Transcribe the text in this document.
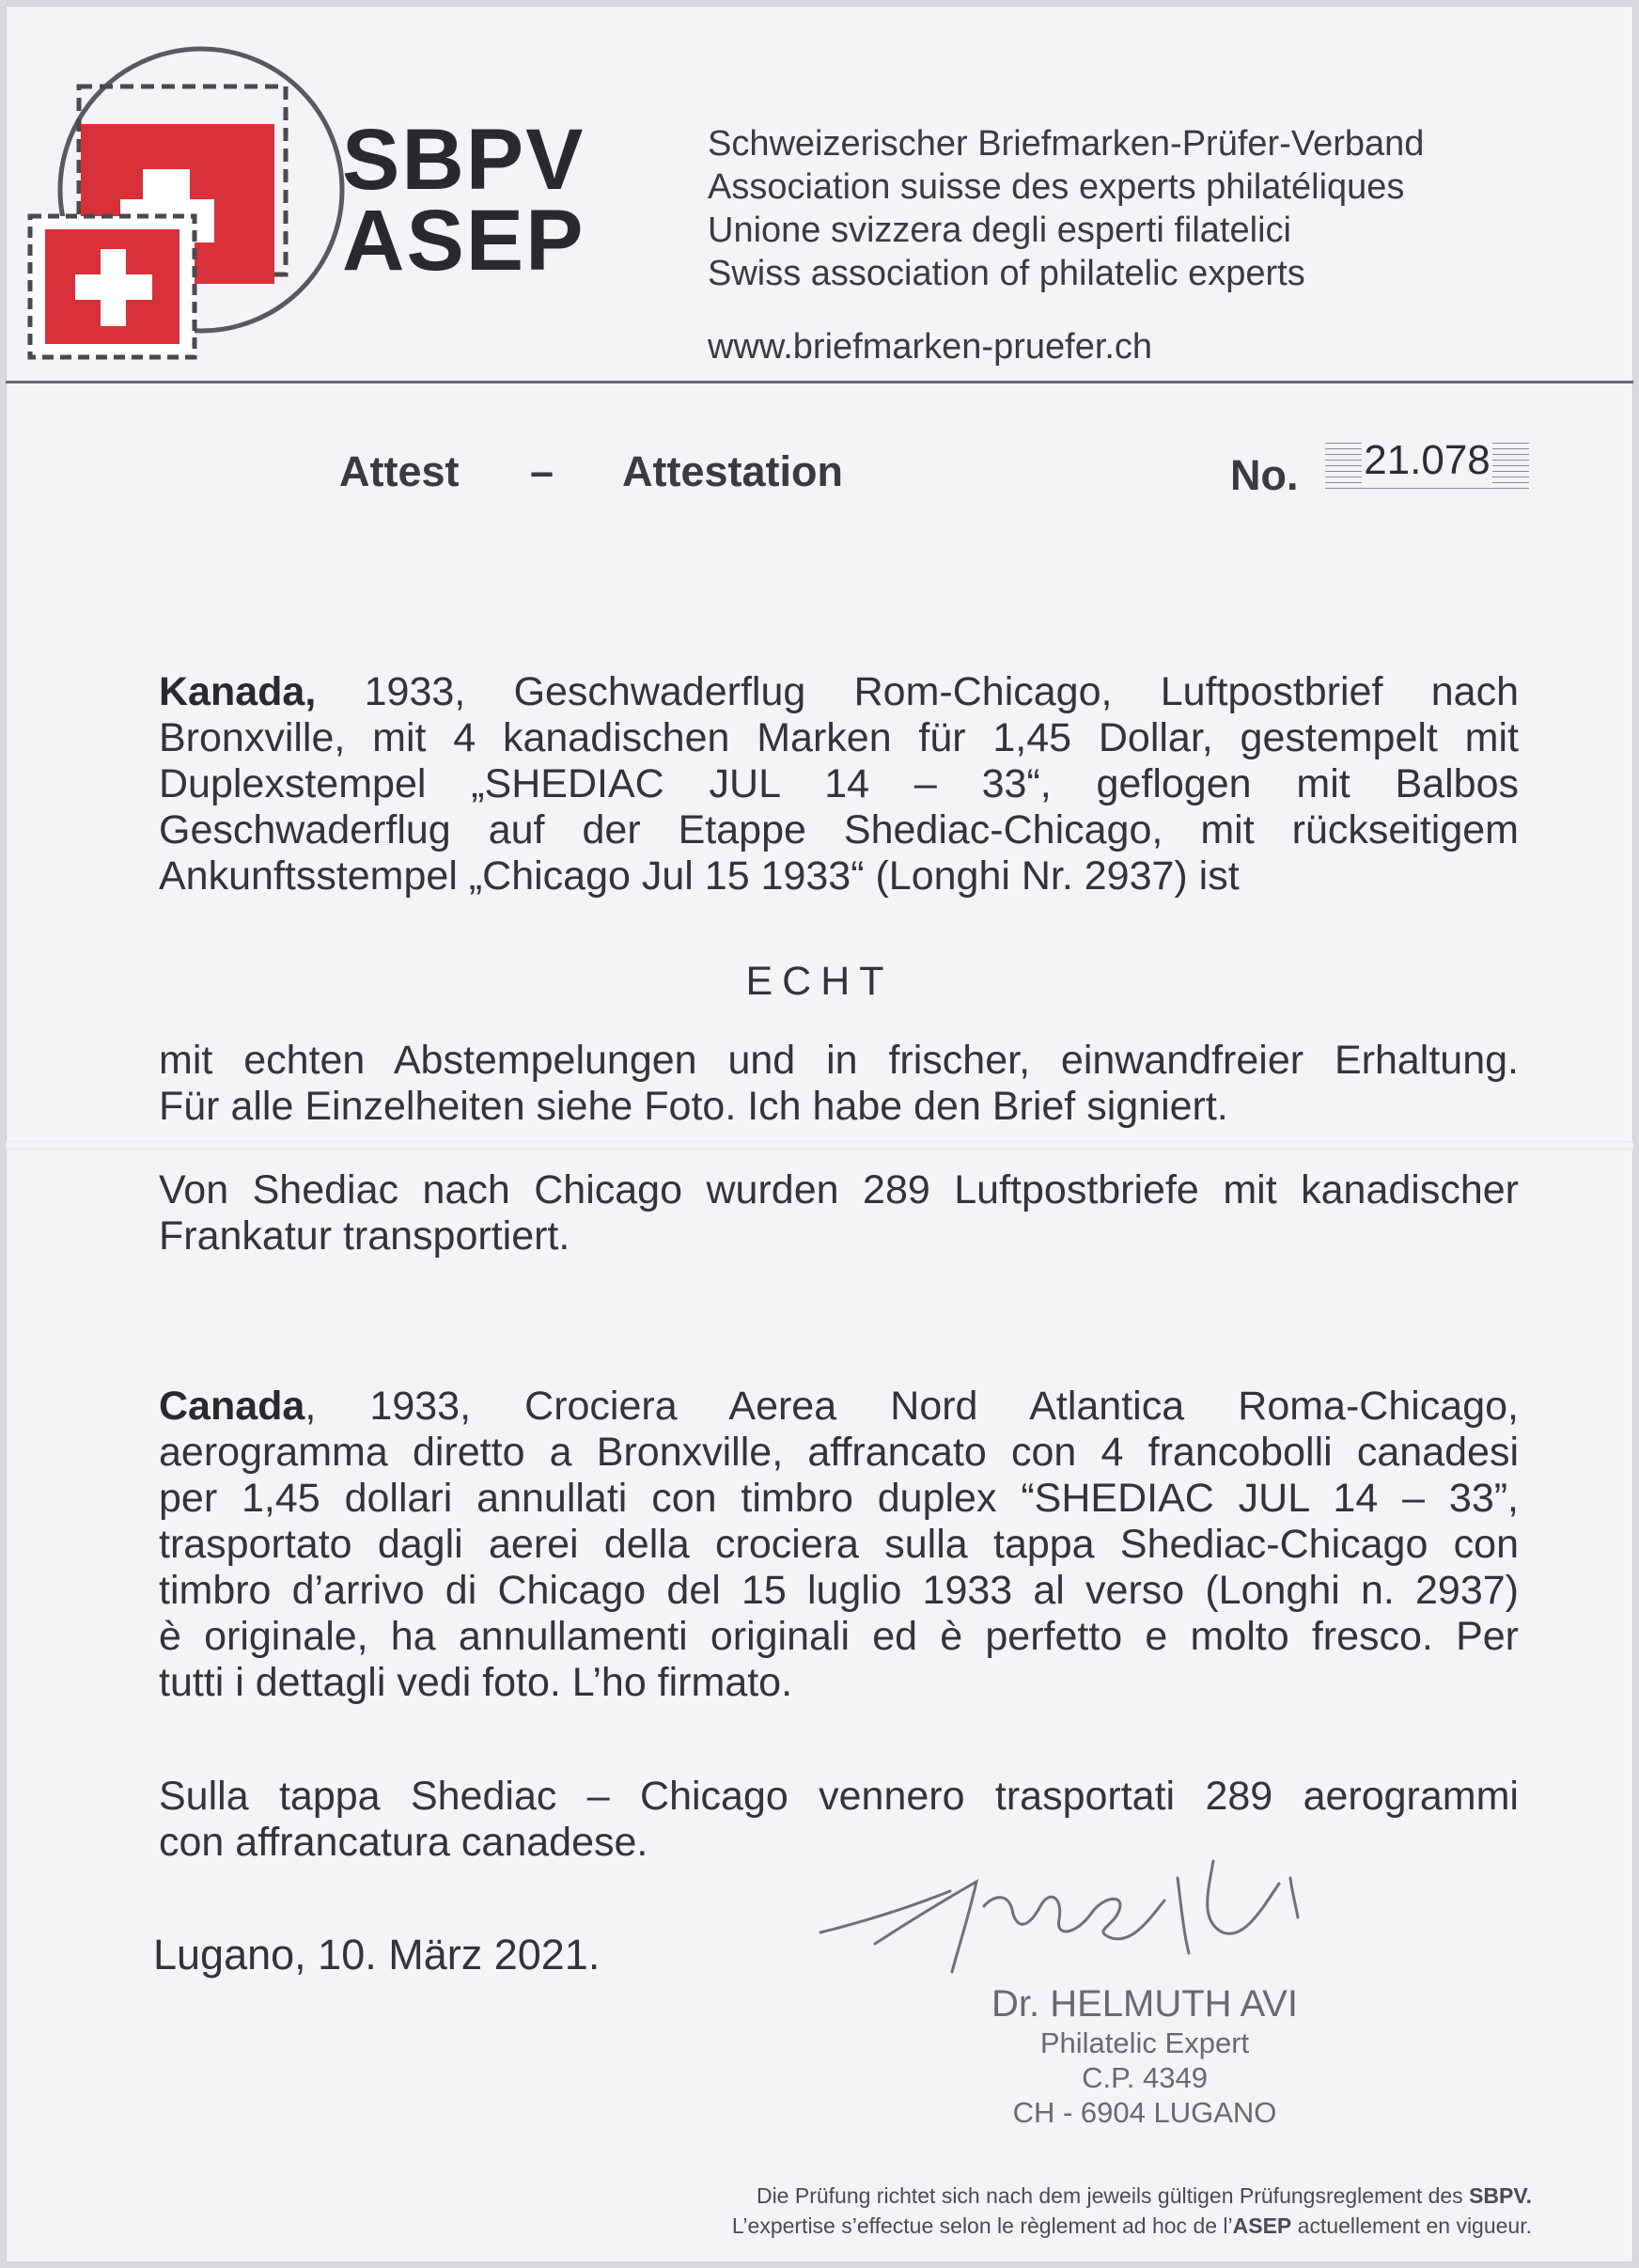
SBPV
ASEP
Schweizerischer Briefmarken-Prüfer-Verband
Association suisse des experts philatéliques
Unione svizzera degli esperti filatelici
Swiss association of philatelic experts
www.briefmarken-pruefer.ch
Attest – Attestation	No.	21.078
Kanada, 1933, Geschwaderflug Rom-Chicago, Luftpostbrief nach
Bronxville, mit 4 kanadischen Marken für 1,45 Dollar, gestempelt mit
Duplexstempel „SHEDIAC JUL 14 – 33“, geflogen mit Balbos
Geschwaderflug auf der Etappe Shediac-Chicago, mit rückseitigem
Ankunftsstempel „Chicago Jul 15 1933“ (Longhi Nr. 2937) ist
ECHT
mit echten Abstempelungen und in frischer, einwandfreier Erhaltung.
Für alle Einzelheiten siehe Foto. Ich habe den Brief signiert.
Von Shediac nach Chicago wurden 289 Luftpostbriefe mit kanadischer
Frankatur transportiert.
Canada, 1933, Crociera Aerea Nord Atlantica Roma-Chicago,
aerogramma diretto a Bronxville, affrancato con 4 francobolli canadesi
per 1,45 dollari annullati con timbro duplex “SHEDIAC JUL 14 – 33”,
trasportato dagli aerei della crociera sulla tappa Shediac-Chicago con
timbro d’arrivo di Chicago del 15 luglio 1933 al verso (Longhi n. 2937)
è originale, ha annullamenti originali ed è perfetto e molto fresco. Per
tutti i dettagli vedi foto. L’ho firmato.
Sulla tappa Shediac – Chicago vennero trasportati 289 aerogrammi
con affrancatura canadese.
Lugano, 10. März 2021.
Dr. HELMUTH AVI
Philatelic Expert
C.P. 4349
CH - 6904 LUGANO
Die Prüfung richtet sich nach dem jeweils gültigen Prüfungsreglement des SBPV.
L’expertise s’effectue selon le règlement ad hoc de l’ASEP actuellement en vigueur.
